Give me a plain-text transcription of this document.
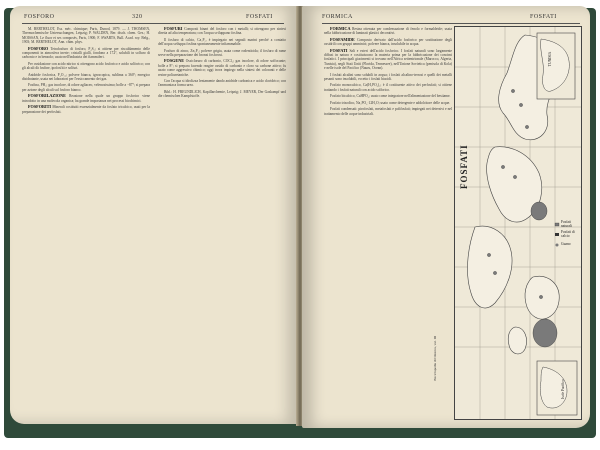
FOSFORO	320	FOSFATI

M. BERTHELOT, Ess. méc. chimique; Paris, Dunod, 1879. — J. THOMSEN, Thermochemische Untersuchungen, Leipzig; P. WALDEN, Ber. dtsch. chem. Ges.; H. MOISSAN, Le fluor et ses composés, Paris, 1900; F. SWARTS, Bull. Acad. roy. Belg., 1903; M. BERTHELOT, Ann. chim. phys.

FOSFORO Tetrafosfuro di fosforo, P₄S₃; si ottiene per riscaldamento delle componenti in atmosfera inerte; cristalli gialli, fondono a 172°, solubili in solfuro di carbonio e in benzolo; usato nell'industria dei fiammiferi.

Per ossidazione con acido nitrico si ottengono acido fosforico e acido solforico; con gli alcali dà fosfine, ipofosfiti e solfuri.

Anidride fosforica, P₄O₁₀; polvere bianca, igroscopica, sublima a 360°; energico disidratante, usata nei laboratori per l'essiccamento dei gas.

Fosfina, PH₃; gas incolore, di odore agliaceo, velenosissimo; bolle a −87°; si prepara per azione degli alcali sul fosforo bianco.

FOSFORILAZIONE Reazione nella quale un gruppo fosforico viene introdotto in una molecola organica; ha grande importanza nei processi biochimici.

FOSFORITI Minerali costituiti essenzialmente da fosfato tricalcico, usati per la preparazione dei perfosfati.

FOSFURI Composti binari del fosforo con i metalli; si ottengono per sintesi diretta ad alta temperatura; con l'acqua sviluppano fosfina.

Il fosfuro di calcio, Ca₃P₂, è impiegato nei segnali marini perché a contatto dell'acqua sviluppa fosfina spontaneamente infiammabile.

Fosfuro di zinco, Zn₃P₂; polvere grigia, usata come rodenticida; il fosfuro di rame serve nella preparazione dei bronzi fosforosi.

FOSGENE Ossicloruro di carbonio, COCl₂; gas incolore, di odore soffocante; bolle a 8°; si prepara facendo reagire ossido di carbonio e cloro su carbone attivo; fu usato come aggressivo chimico; oggi trova impiego nella sintesi dei coloranti e delle resine poliuretaniche.

Con l'acqua si idrolizza lentamente dando anidride carbonica e acido cloridrico; con l'ammoniaca forma urea.

Bibl.: H. FREUNDLICH, Kapillarchemie, Leipzig; J. MEYER, Der Gaskampf und die chemischen Kampfstoffe.

FORMICA	FOSFATI

FORMICA Resina ottenuta per condensazione di fenolo e formaldeide; usata nella fabbricazione di laminati plastici decorativi.

FOSFAMIDE Composto derivato dall'acido fosforico per sostituzione degli ossidrili con gruppi amminici; polvere bianca, insolubile in acqua.

FOSFATI Sali e esteri dell'acido fosforico. I fosfati naturali sono largamente diffusi in natura e costituiscono la materia prima per la fabbricazione dei concimi fosfatici. I principali giacimenti si trovano nell'Africa settentrionale (Marocco, Algeria, Tunisia), negli Stati Uniti (Florida, Tennessee), nell'Unione Sovietica (penisola di Kola) e nelle isole del Pacifico (Nauru, Ocean).

I fosfati alcalini sono solubili in acqua; i fosfati alcalino-terrosi e quelli dei metalli pesanti sono insolubili, eccetto i fosfati biacidi.

Fosfato monocalcico, Ca(H₂PO₄)₂; è il costituente attivo dei perfosfati; si ottiene trattando i fosfati naturali con acido solforico.

Fosfato bicalcico, CaHPO₄; usato come integratore nell'alimentazione del bestiame.

Fosfato trisodico, Na₃PO₄·12H₂O; usato come detergente e addolcitore delle acque.

Fosfati condensati: pirofosfati, metafosfati e polifosfati; impiegati nei detersivi e nel trattamento delle acque industriali.

FOSFATI
TUNISIA
Isole Pacifico
Fosfati naturali
Fosfati di calcio
Guano
Enciclopedia di Chimica, vol. III
